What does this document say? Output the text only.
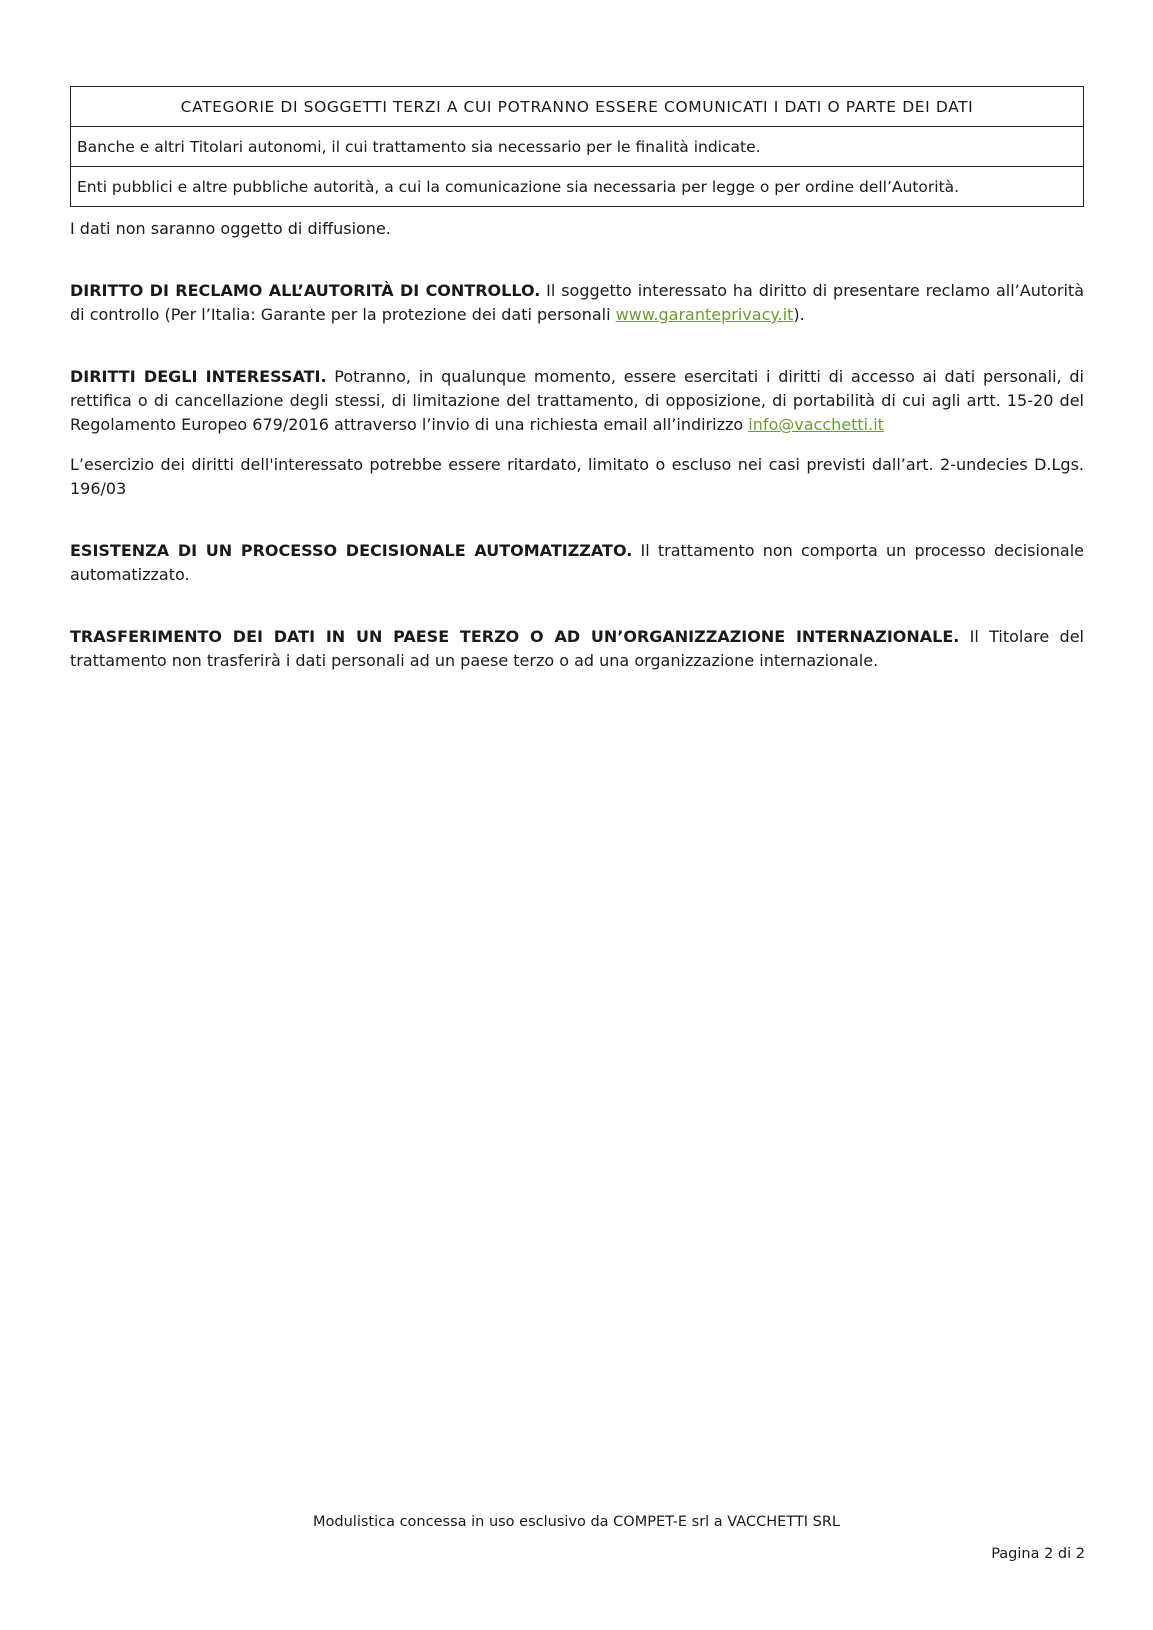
CATEGORIE DI SOGGETTI TERZI A CUI POTRANNO ESSERE COMUNICATI I DATI O PARTE DEI DATI
Banche e altri Titolari autonomi, il cui trattamento sia necessario per le finalità indicate.
Enti pubblici e altre pubbliche autorità, a cui la comunicazione sia necessaria per legge o per ordine dell’Autorità.

I dati non saranno oggetto di diffusione.

DIRITTO DI RECLAMO ALL’AUTORITÀ DI CONTROLLO. Il soggetto interessato ha diritto di presentare reclamo all’Autorità di controllo (Per l’Italia: Garante per la protezione dei dati personali www.garanteprivacy.it).

DIRITTI DEGLI INTERESSATI. Potranno, in qualunque momento, essere esercitati i diritti di accesso ai dati personali, di rettifica o di cancellazione degli stessi, di limitazione del trattamento, di opposizione, di portabilità di cui agli artt. 15-20 del Regolamento Europeo 679/2016 attraverso l’invio di una richiesta email all’indirizzo info@vacchetti.it

L’esercizio dei diritti dell'interessato potrebbe essere ritardato, limitato o escluso nei casi previsti dall’art. 2-undecies D.Lgs. 196/03

ESISTENZA DI UN PROCESSO DECISIONALE AUTOMATIZZATO. Il trattamento non comporta un processo decisionale automatizzato.

TRASFERIMENTO DEI DATI IN UN PAESE TERZO O AD UN’ORGANIZZAZIONE INTERNAZIONALE. Il Titolare del trattamento non trasferirà i dati personali ad un paese terzo o ad una organizzazione internazionale.

Modulistica concessa in uso esclusivo da COMPET-E srl a VACCHETTI SRL
Pagina 2 di 2
